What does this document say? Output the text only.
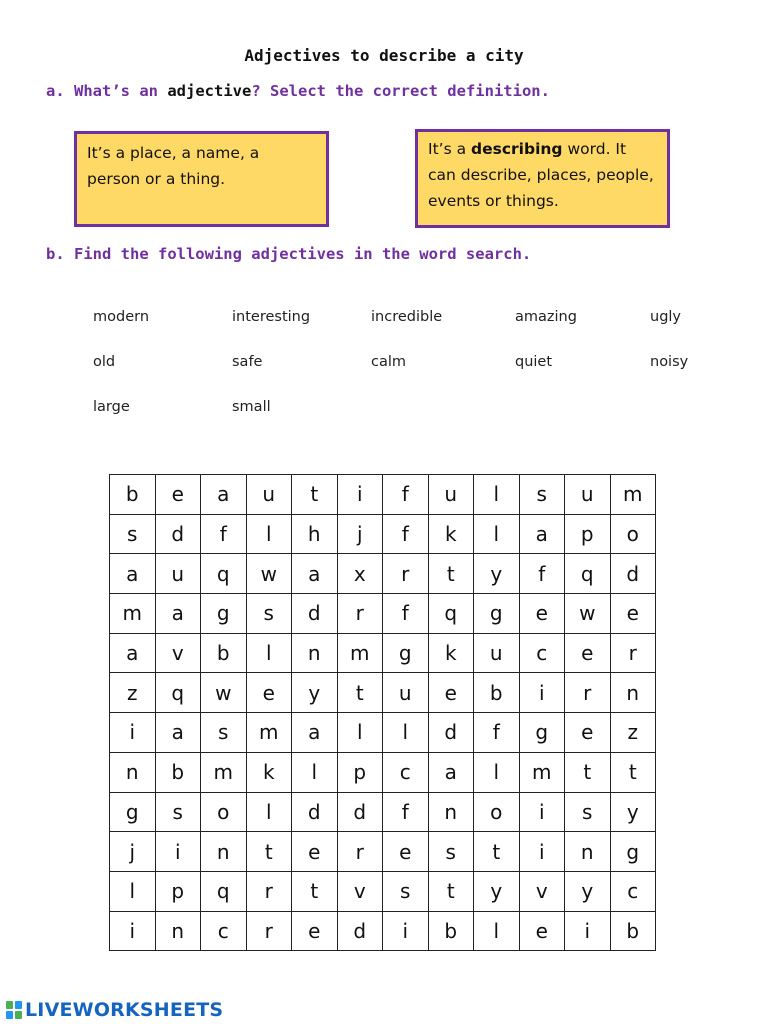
Adjectives to describe a city
a. What’s an adjective? Select the correct definition.
It’s a place, a name, a person or a thing.
It’s a describing word. It can describe, places, people, events or things.
b. Find the following adjectives in the word search.
modern	interesting	incredible	amazing	ugly
old	safe	calm	quiet	noisy
large	small
b	e	a	u	t	i	f	u	l	s	u	m
s	d	f	l	h	j	f	k	l	a	p	o
a	u	q	w	a	x	r	t	y	f	q	d
m	a	g	s	d	r	f	q	g	e	w	e
a	v	b	l	n	m	g	k	u	c	e	r
z	q	w	e	y	t	u	e	b	i	r	n
i	a	s	m	a	l	l	d	f	g	e	z
n	b	m	k	l	p	c	a	l	m	t	t
g	s	o	l	d	d	f	n	o	i	s	y
j	i	n	t	e	r	e	s	t	i	n	g
l	p	q	r	t	v	s	t	y	v	y	c
i	n	c	r	e	d	i	b	l	e	i	b
LIVEWORKSHEETS
